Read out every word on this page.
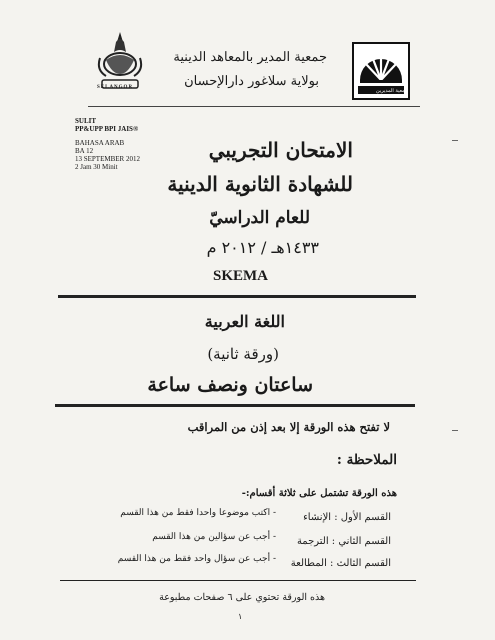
SELANGOR
جمعية المدير بالمعاهد الدينية
بولاية سلاغور دارالإحسان
جمعية المديرين
SULIT
PP&UPP BPI JAIS®
BAHASA ARAB
BA 12
13 SEPTEMBER 2012
2 Jam 30 Minit
الامتحان التجريبي
للشهادة الثانوية الدينية
للعام الدراسيّ
١٤٣٣هـ / ٢٠١٢ م
SKEMA
اللغة العربية
(ورقة ثانية)
ساعتان ونصف ساعة
لا تفتح هذه الورقة إلا بعد إذن من المراقب
الملاحظة :
هذه الورقة تشتمل على ثلاثة أقسام:-
القسم الأول : الإنشاء
- اكتب موضوعا واحدا فقط من هذا القسم
القسم الثاني : الترجمة
- أجب عن سؤالين من هذا القسم
القسم الثالث : المطالعة
- أجب عن سؤال واحد فقط من هذا القسم
هذه الورقة تحتوي على ٦ صفحات مطبوعة
١
